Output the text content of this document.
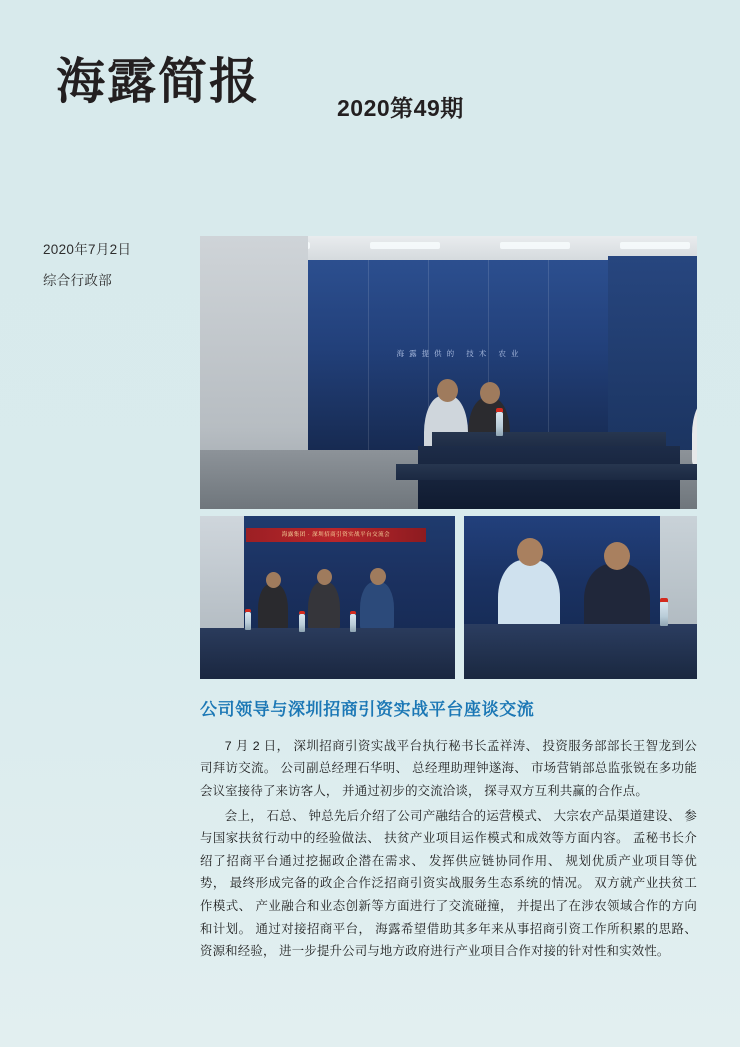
海露简报	2020第49期
2020年7月2日
综合行政部
海露提供的 技术 农业
海露集团 · 深圳招商引资实战平台交流会
公司领导与深圳招商引资实战平台座谈交流

7 月 2 日， 深圳招商引资实战平台执行秘书长孟祥涛、 投资服务部部长王智龙到公司拜访交流。 公司副总经理石华明、 总经理助理钟遂海、 市场营销部总监张锐在多功能会议室接待了来访客人， 并通过初步的交流洽谈， 探寻双方互利共赢的合作点。

会上， 石总、 钟总先后介绍了公司产融结合的运营模式、 大宗农产品渠道建设、 参与国家扶贫行动中的经验做法、 扶贫产业项目运作模式和成效等方面内容。 孟秘书长介绍了招商平台通过挖掘政企潜在需求、 发挥供应链协同作用、 规划优质产业项目等优势， 最终形成完备的政企合作泛招商引资实战服务生态系统的情况。 双方就产业扶贫工作模式、 产业融合和业态创新等方面进行了交流碰撞， 并提出了在涉农领域合作的方向和计划。 通过对接招商平台， 海露希望借助其多年来从事招商引资工作所积累的思路、 资源和经验， 进一步提升公司与地方政府进行产业项目合作对接的针对性和实效性。
